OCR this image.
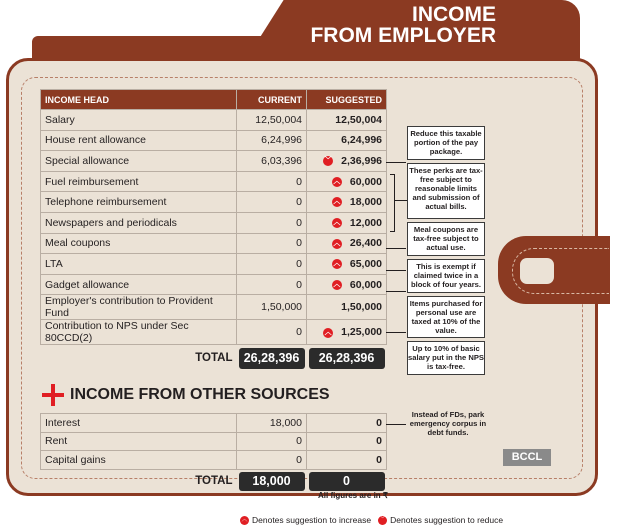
INCOME
FROM EMPLOYER
INCOME HEAD	CURRENT	SUGGESTED
Salary	12,50,004	12,50,004
House rent allowance	6,24,996	6,24,996
Special allowance	6,03,396	﹀ 2,36,996
Fuel reimbursement	0	︿ 60,000
Telephone reimbursement	0	︿ 18,000
Newspapers and periodicals	0	︿ 12,000
Meal coupons	0	︿ 26,400
LTA	0	︿ 65,000
Gadget allowance	0	︿ 60,000
Employer's contribution to Provident Fund	1,50,000	1,50,000
Contribution to NPS under Sec 80CCD(2)	0	︿ 1,25,000
TOTAL	26,28,396	26,28,396
Reduce this taxable portion of the pay package.
These perks are tax-free subject to reasonable limits and submission of actual bills.
Meal coupons are tax-free subject to actual use.
This is exempt if claimed twice in a block of four years.
Items purchased for personal use are taxed at 10% of the value.
Up to 10% of basic salary put in the NPS is tax-free.
INCOME FROM OTHER SOURCES
Interest	18,000	0
Rent	0	0
Capital gains	0	0
TOTAL	18,000	0
Instead of FDs, park emergency corpus in debt funds.
BCCL
All figures are in ₹
︿ Denotes suggestion to increase ﹀ Denotes suggestion to reduce
